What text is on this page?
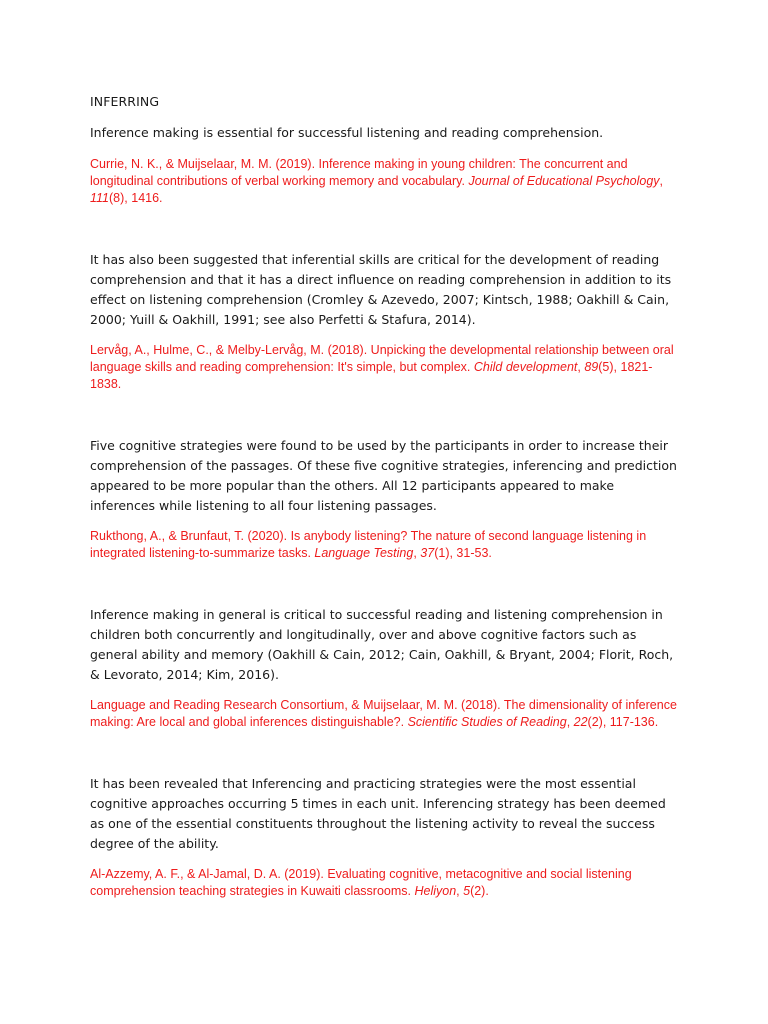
INFERRING

Inference making is essential for successful listening and reading comprehension.

Currie, N. K., & Muijselaar, M. M. (2019). Inference making in young children: The concurrent and longitudinal contributions of verbal working memory and vocabulary. Journal of Educational Psychology, 111(8), 1416.

It has also been suggested that inferential skills are critical for the development of reading comprehension and that it has a direct influence on reading comprehension in addition to its effect on listening comprehension (Cromley & Azevedo, 2007; Kintsch, 1988; Oakhill & Cain, 2000; Yuill & Oakhill, 1991; see also Perfetti & Stafura, 2014).

Lervåg, A., Hulme, C., & Melby‐Lervåg, M. (2018). Unpicking the developmental relationship between oral language skills and reading comprehension: It's simple, but complex. Child development, 89(5), 1821-1838.

Five cognitive strategies were found to be used by the participants in order to increase their comprehension of the passages. Of these five cognitive strategies, inferencing and prediction appeared to be more popular than the others. All 12 participants appeared to make inferences while listening to all four listening passages.

Rukthong, A., & Brunfaut, T. (2020). Is anybody listening? The nature of second language listening in integrated listening-to-summarize tasks. Language Testing, 37(1), 31-53.

Inference making in general is critical to successful reading and listening comprehension in children both concurrently and longitudinally, over and above cognitive factors such as general ability and memory (Oakhill & Cain, 2012; Cain, Oakhill, & Bryant, 2004; Florit, Roch, & Levorato, 2014; Kim, 2016).

Language and Reading Research Consortium, & Muijselaar, M. M. (2018). The dimensionality of inference making: Are local and global inferences distinguishable?. Scientific Studies of Reading, 22(2), 117-136.

It has been revealed that Inferencing and practicing strategies were the most essential cognitive approaches occurring 5 times in each unit. Inferencing strategy has been deemed as one of the essential constituents throughout the listening activity to reveal the success degree of the ability.

Al-Azzemy, A. F., & Al-Jamal, D. A. (2019). Evaluating cognitive, metacognitive and social listening comprehension teaching strategies in Kuwaiti classrooms. Heliyon, 5(2).
